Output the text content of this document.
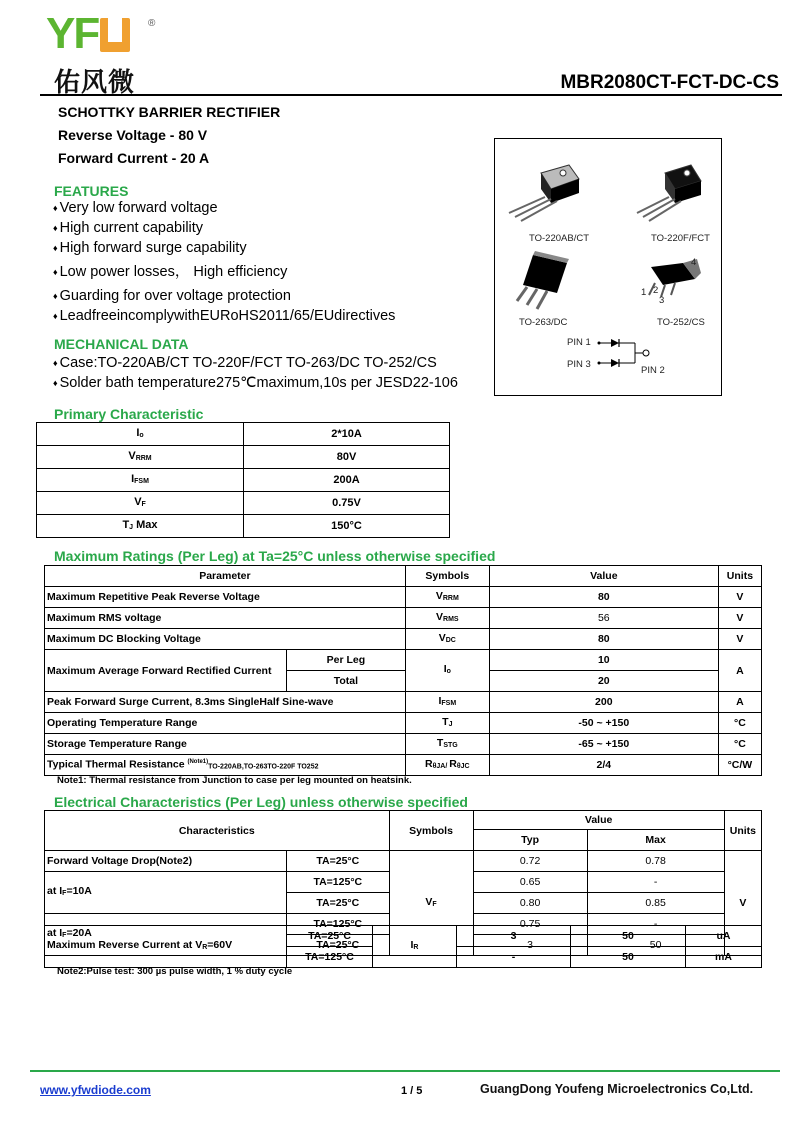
YF	®
佑风微	MBR2080CT-FCT-DC-CS
SCHOTTKY BARRIER RECTIFIER
Reverse Voltage - 80 V
Forward Current - 20 A
FEATURES
♦ Very low forward voltage
♦ High current capability
♦ High forward surge capability
♦ Low power losses， High efficiency
♦ Guarding for over voltage protection
♦ LeadfreeincomplywithEURoHS2011/65/EUdirectives
MECHANICAL DATA
♦ Case:TO-220AB/CT TO-220F/FCT TO-263/DC TO-252/CS
♦ Solder bath temperature275℃maximum,10s per JESD22-106
TO-220AB/CT	TO-220F/FCT
TO-263/DC
4
1 2
3
TO-252/CS
PIN 1
PIN 3
PIN 2
Primary Characteristic
$I_o$	2*10A
$V_{RRM}$	80V
$I_{FSM}$	200A
$V_F$	0.75V
$T_J$ Max	150°C
Maximum Ratings (Per Leg) at Ta=25°C unless otherwise specified
Parameter		Symbols	Value	Units
Maximum Repetitive Peak Reverse Voltage		$V_{RRM}$	80	V
Maximum RMS voltage		$V_{RMS}$	56	V
Maximum DC Blocking Voltage		$V_{DC}$	80	V
Maximum Average Forward Rectified Current	Per Leg	$I_o$	10	A
	Total		20	
Peak Forward Surge Current, 8.3ms SingleHalf Sine-wave		$I_{FSM}$	200	A
Operating Temperature Range		$T_J$	-50 ~ +150	°C
Storage Temperature Range		$T_{STG}$	-65 ~ +150	°C
Typical Thermal Resistance $^{(Note1)}_{TO-220AB,TO-263TO-220F TO252}$		$R_{\theta JA/}$ $R_{\theta JC}$	2/4	°C/W
Note1: Thermal resistance from Junction to case per leg mounted on heatsink.
Electrical Characteristics (Per Leg) unless otherwise specified
Characteristics		Symbols	Value		Units
			Typ	Max	
Forward Voltage Drop(Note2)	TA=25°C	$V_F$	0.72	0.78	V
at $I_F=10A$	TA=125°C		0.65	-	
	TA=25°C		0.80	0.85	
at $I_F=20A$	TA=125°C		0.75	-	
	TA=25°C		3	50	
Maximum Reverse Current at $V_R=60V$	TA=25°C	$I_R$	3	50	uA
	TA=125°C		-	50	mA
Note2:Pulse test: 300 µs pulse width, 1 % duty cycle
www.yfwdiode.com	1 / 5	GuangDong Youfeng Microelectronics Co,Ltd.
